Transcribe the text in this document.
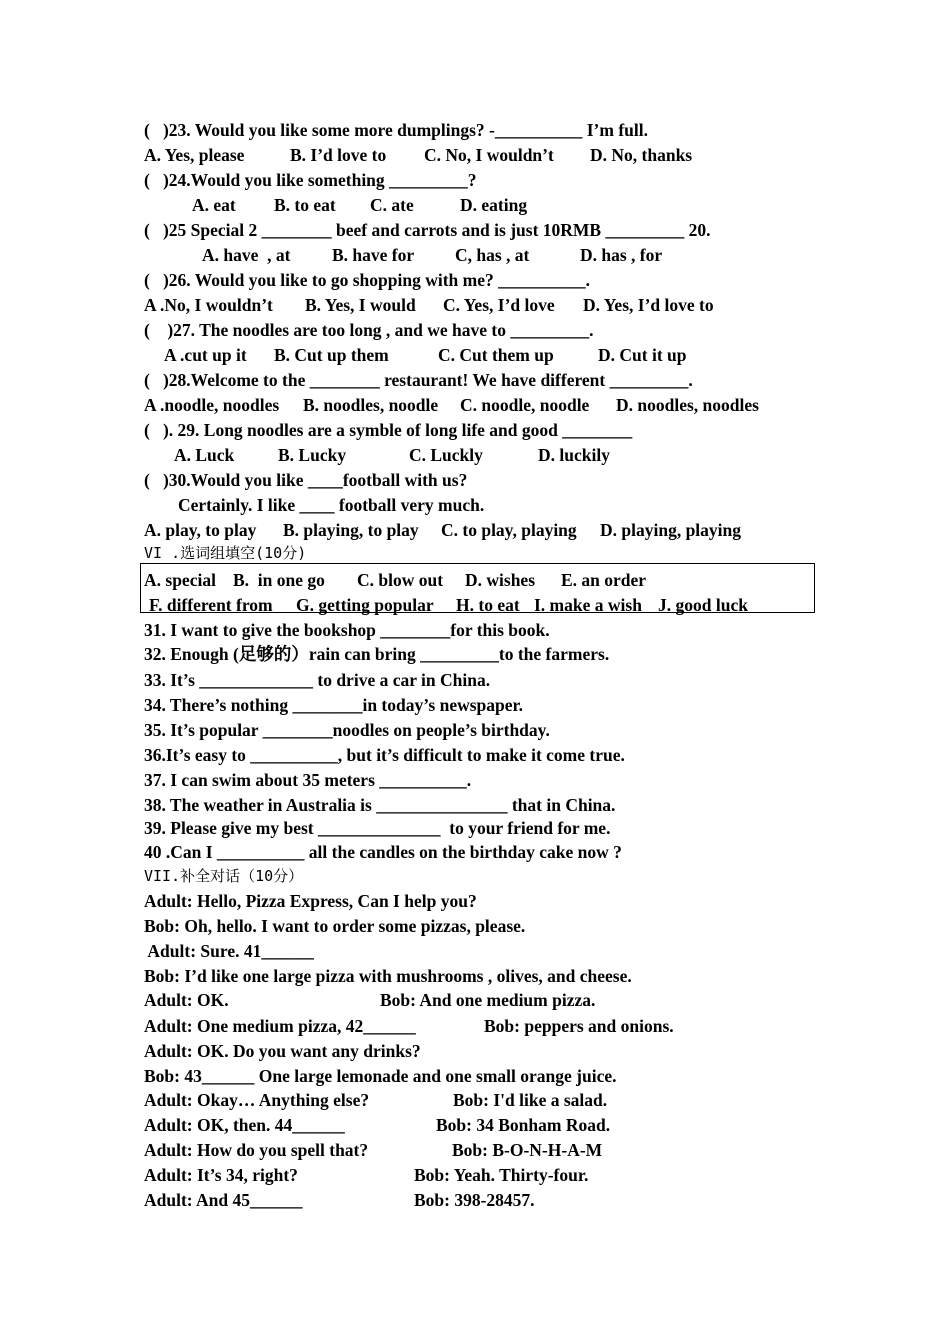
(   )23. Would you like some more dumplings? -__________ I’m full.
A. Yes, please	B. I’d love to C. No, I wouldn’t D. No, thanks
(   )24.Would you like something _________?
A. eat B. to eat C. ate	D. eating
(   )25 Special 2 ________ beef and carrots and is just 10RMB _________ 20.
A. have  , at B. have for C, has , at	D. has , for
(   )26. Would you like to go shopping with me? __________.
A .No, I wouldn’t B. Yes, I would C. Yes, I’d love D. Yes, I’d love to
(    )27. The noodles are too long , and we have to _________.
A .cut up it B. Cut up them	C. Cut them up	D. Cut it up
(   )28.Welcome to the ________ restaurant! We have different _________.
A .noodle, noodles B. noodles, noodle C. noodle, noodle D. noodles, noodles
(   ). 29. Long noodles are a symble of long life and good ________
A. Luck B. Lucky	C. Luckly	D. luckily
(   )30.Would you like ____football with us?
Certainly. I like ____ football very much.
A. play, to play B. playing, to play C. to play, playing D. playing, playing
VI .选词组填空(10分)
A. special B.  in one go C. blow out D. wishes E. an order
F. different from G. getting popular H. to eat I. make a wish J. good luck
31. I want to give the bookshop ________for this book.
32. Enough (足够的）rain can bring _________to the farmers.
33. It’s _____________ to drive a car in China.
34. There’s nothing ________in today’s newspaper.
35. It’s popular ________noodles on people’s birthday.
36.It’s easy to __________, but it’s difficult to make it come true.
37. I can swim about 35 meters __________.
38. The weather in Australia is _______________ that in China.
39. Please give my best ______________  to your friend for me.
40 .Can I __________ all the candles on the birthday cake now ?
VII.补全对话（10分）
Adult: Hello, Pizza Express, Can I help you?
Bob: Oh, hello. I want to order some pizzas, please.
Adult: Sure. 41______
Bob: I’d like one large pizza with mushrooms , olives, and cheese.
Adult: OK.	Bob: And one medium pizza.
Adult: One medium pizza, 42______	Bob: peppers and onions.
Adult: OK. Do you want any drinks?
Bob: 43______ One large lemonade and one small orange juice.
Adult: Okay… Anything else?	Bob: I'd like a salad.
Adult: OK, then. 44______	Bob: 34 Bonham Road.
Adult: How do you spell that?	Bob: B-O-N-H-A-M
Adult: It’s 34, right?	Bob: Yeah. Thirty-four.
Adult: And 45______	Bob: 398-28457.
